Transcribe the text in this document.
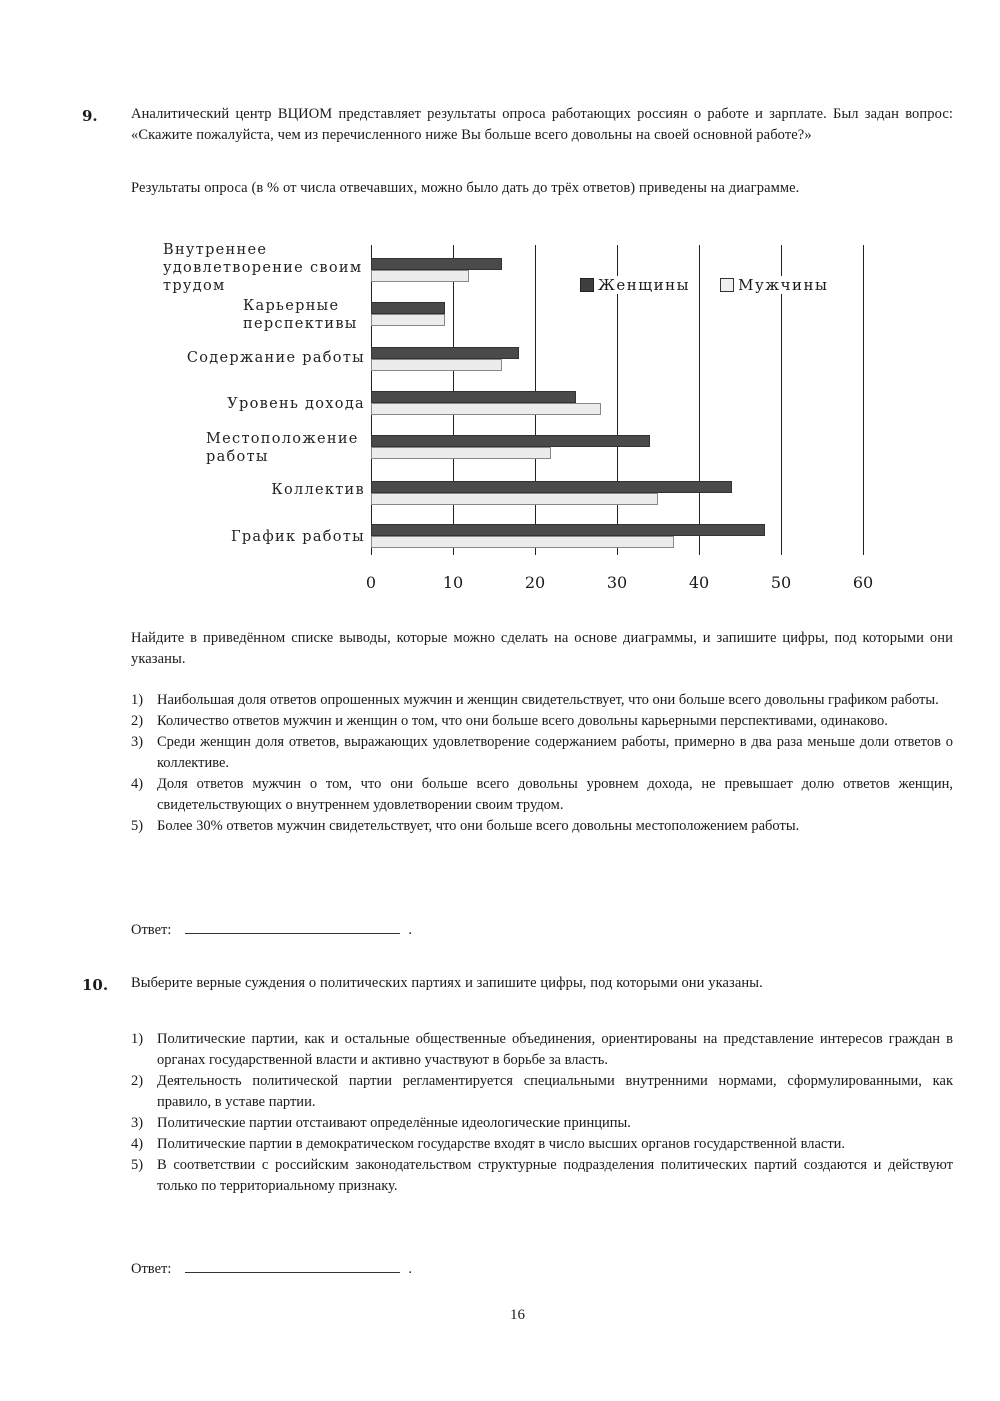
9. Аналитический центр ВЦИОМ представляет результаты опроса работающих россиян о работе и зарплате. Был задан вопрос: «Скажите пожалуйста, чем из перечисленного ниже Вы больше всего довольны на своей основной работе?»
Результаты опроса (в % от числа отвечавших, можно было дать до трёх ответов) приведены на диаграмме.
0	10	20	30	40	50	60
Внутреннее
удовлетворение своим
трудом
Карьерные
перспективы
Содержание работы
Уровень дохода
Местоположение
работы
Коллектив
График работы
Женщины	Мужчины
Найдите в приведённом списке выводы, которые можно сделать на основе диаграммы, и запишите цифры, под которыми они указаны.
1) Наибольшая доля ответов опрошенных мужчин и женщин свидетельствует, что они больше всего довольны графиком работы.
2) Количество ответов мужчин и женщин о том, что они больше всего довольны карьерными перспективами, одинаково.
3) Среди женщин доля ответов, выражающих удовлетворение содержанием работы, примерно в два раза меньше доли ответов о коллективе.
4) Доля ответов мужчин о том, что они больше всего довольны уровнем дохода, не превышает долю ответов женщин, свидетельствующих о внутреннем удовлетворении своим трудом.
5) Более 30% ответов мужчин свидетельствует, что они больше всего довольны местоположением работы.
Ответ:	.
10. Выберите верные суждения о политических партиях и запишите цифры, под которыми они указаны.
1) Политические партии, как и остальные общественные объединения, ориентированы на представление интересов граждан в органах государственной власти и активно участвуют в борьбе за власть.
2) Деятельность политической партии регламентируется специальными внутренними нормами, сформулированными, как правило, в уставе партии.
3) Политические партии отстаивают определённые идеологические принципы.
4) Политические партии в демократическом государстве входят в число высших органов государственной власти.
5) В соответствии с российским законодательством структурные подразделения политических партий создаются и действуют только по территориальному признаку.
Ответ:	.
16
